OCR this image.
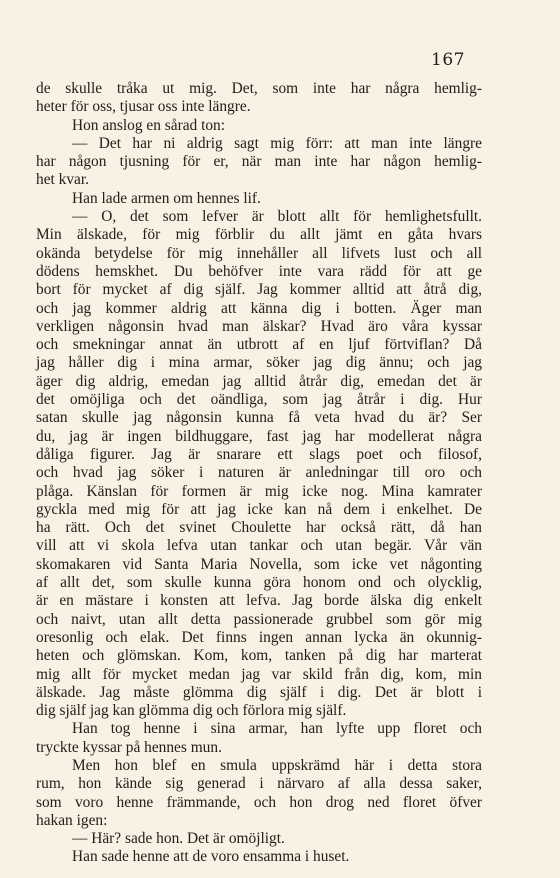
167
de skulle tråka ut mig. Det, som inte har några hemlig-
heter för oss, tjusar oss inte längre.
Hon anslog en sårad ton:
— Det har ni aldrig sagt mig förr: att man inte längre
har någon tjusning för er, när man inte har någon hemlig-
het kvar.
Han lade armen om hennes lif.
— O, det som lefver är blott allt för hemlighetsfullt.
Min älskade, för mig förblir du allt jämt en gåta hvars
okända betydelse för mig innehåller all lifvets lust och all
dödens hemskhet. Du behöfver inte vara rädd för att ge
bort för mycket af dig själf. Jag kommer alltid att åtrå dig,
och jag kommer aldrig att känna dig i botten. Äger man
verkligen någonsin hvad man älskar? Hvad äro våra kyssar
och smekningar annat än utbrott af en ljuf förtviflan? Då
jag håller dig i mina armar, söker jag dig ännu; och jag
äger dig aldrig, emedan jag alltid åtrår dig, emedan det är
det omöjliga och det oändliga, som jag åtrår i dig. Hur
satan skulle jag någonsin kunna få veta hvad du är? Ser
du, jag är ingen bildhuggare, fast jag har modellerat några
dåliga figurer. Jag är snarare ett slags poet och filosof,
och hvad jag söker i naturen är anledningar till oro och
plåga. Känslan för formen är mig icke nog. Mina kamrater
gyckla med mig för att jag icke kan nå dem i enkelhet. De
ha rätt. Och det svinet Choulette har också rätt, då han
vill att vi skola lefva utan tankar och utan begär. Vår vän
skomakaren vid Santa Maria Novella, som icke vet någonting
af allt det, som skulle kunna göra honom ond och olycklig,
är en mästare i konsten att lefva. Jag borde älska dig enkelt
och naivt, utan allt detta passionerade grubbel som gör mig
oresonlig och elak. Det finns ingen annan lycka än okunnig-
heten och glömskan. Kom, kom, tanken på dig har marterat
mig allt för mycket medan jag var skild från dig, kom, min
älskade. Jag måste glömma dig själf i dig. Det är blott i
dig själf jag kan glömma dig och förlora mig själf.
Han tog henne i sina armar, han lyfte upp floret och
tryckte kyssar på hennes mun.
Men hon blef en smula uppskrämd här i detta stora
rum, hon kände sig generad i närvaro af alla dessa saker,
som voro henne främmande, och hon drog ned floret öfver
hakan igen:
— Här? sade hon. Det är omöjligt.
Han sade henne att de voro ensamma i huset.
